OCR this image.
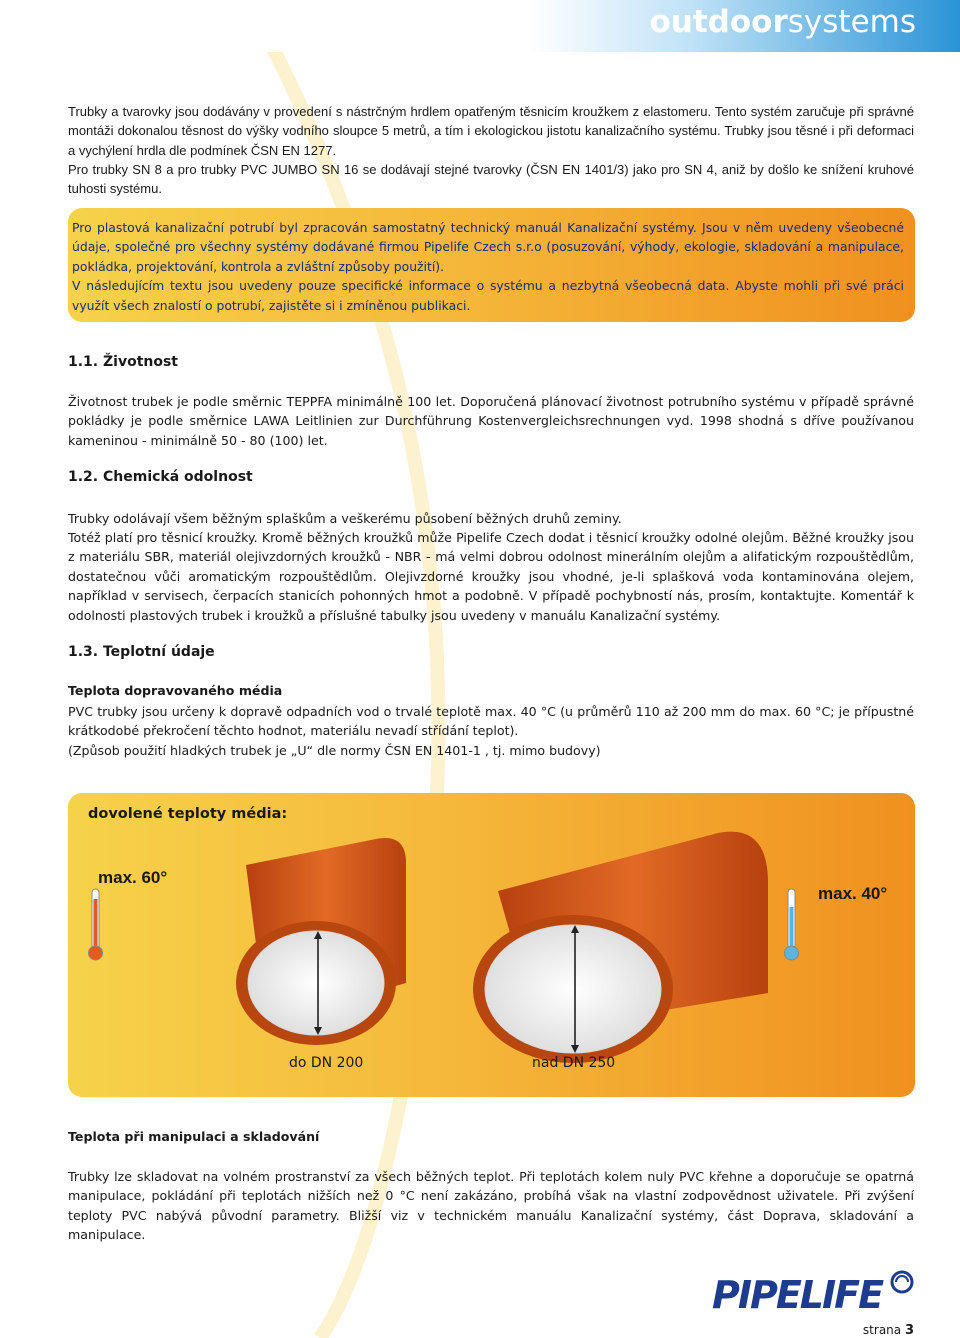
outdoorsystems

Trubky a tvarovky jsou dodávány v provedení s nástrčným hrdlem opatřeným těsnicím kroužkem z elastomeru. Tento systém zaručuje při správné montáži dokonalou těsnost do výšky vodního sloupce 5 metrů, a tím i ekologickou jistotu kanalizačního systému. Trubky jsou těsné i při deformaci a vychýlení hrdla dle podmínek ČSN EN 1277.

Pro trubky SN 8 a pro trubky PVC JUMBO SN 16 se dodávají stejné tvarovky (ČSN EN 1401/3) jako pro SN 4, aniž by došlo ke snížení kruhové tuhosti systému.

Pro plastová kanalizační potrubí byl zpracován samostatný technický manuál Kanalizační systémy. Jsou v něm uvedeny všeobecné údaje, společné pro všechny systémy dodávané firmou Pipelife Czech s.r.o (posuzování, výhody, ekologie, skladování a manipulace, pokládka, projektování, kontrola a zvláštní způsoby použití).
V následujícím textu jsou uvedeny pouze specifické informace o systému a nezbytná všeobecná data. Abyste mohli při své práci využít všech znalostí o potrubí, zajistěte si i zmíněnou publikaci.
1.1. Životnost

Životnost trubek je podle směrnic TEPPFA minimálně 100 let. Doporučená plánovací životnost potrubního systému v případě správné pokládky je podle směrnice LAWA Leitlinien zur Durchführung Kostenvergleichsrechnungen vyd. 1998 shodná s dříve používanou kameninou - minimálně 50 - 80 (100) let.

1.2. Chemická odolnost

Trubky odolávají všem běžným splaškům a veškerému působení běžných druhů zeminy.

Totéž platí pro těsnicí kroužky. Kromě běžných kroužků může Pipelife Czech dodat i těsnicí kroužky odolné olejům. Běžné kroužky jsou z materiálu SBR, materiál olejivzdorných kroužků - NBR - má velmi dobrou odolnost minerálním olejům a alifatickým rozpouštědlům, dostatečnou vůči aromatickým rozpouštědlům. Olejivzdorné kroužky jsou vhodné, je-li splašková voda kontaminována olejem, například v servisech, čerpacích stanicích pohonných hmot a podobně. V případě pochybností nás, prosím, kontaktujte. Komentář k odolnosti plastových trubek i kroužků a příslušné tabulky jsou uvedeny v manuálu Kanalizační systémy.

1.3. Teplotní údaje
Teplota dopravovaného média

PVC trubky jsou určeny k dopravě odpadních vod o trvalé teplotě max. 40 °C (u průměrů 110 až 200 mm do max. 60 °C; je přípustné krátkodobé překročení těchto hodnot, materiálu nevadí střídání teplot).

(Způsob použití hladkých trubek je „U“ dle normy ČSN EN 1401-1 , tj. mimo budovy)

dovolené teploty média:
max. 60°
max. 40°
do DN 200	nad DN 250
Teplota při manipulaci a skladování

Trubky lze skladovat na volném prostranství za všech běžných teplot. Při teplotách kolem nuly PVC křehne a doporučuje se opatrná manipulace, pokládání při teplotách nižších než 0 °C není zakázáno, probíhá však na vlastní zodpovědnost uživatele. Při zvýšení teploty PVC nabývá původní parametry. Bližší viz v technickém manuálu Kanalizační systémy, část Doprava, skladování a manipulace.

PIPELIFE
strana 3
